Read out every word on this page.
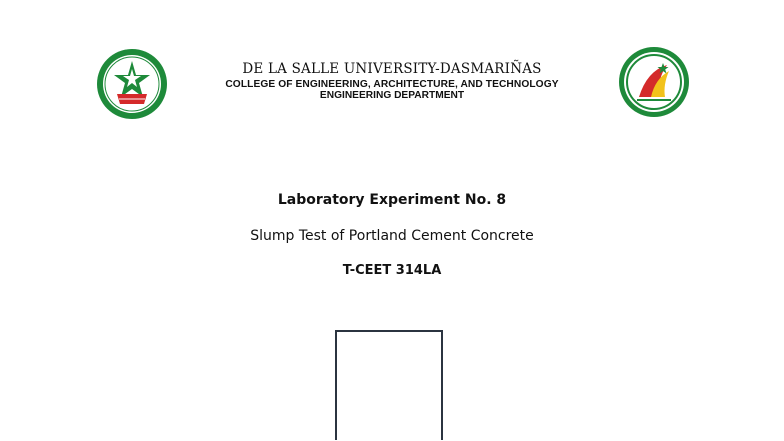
DE LA SALLE UNIVERSITY-DASMARIÑAS
COLLEGE OF ENGINEERING, ARCHITECTURE, AND TECHNOLOGY
ENGINEERING DEPARTMENT
Laboratory Experiment No. 8
Slump Test of Portland Cement Concrete
T-CEET 314LA
